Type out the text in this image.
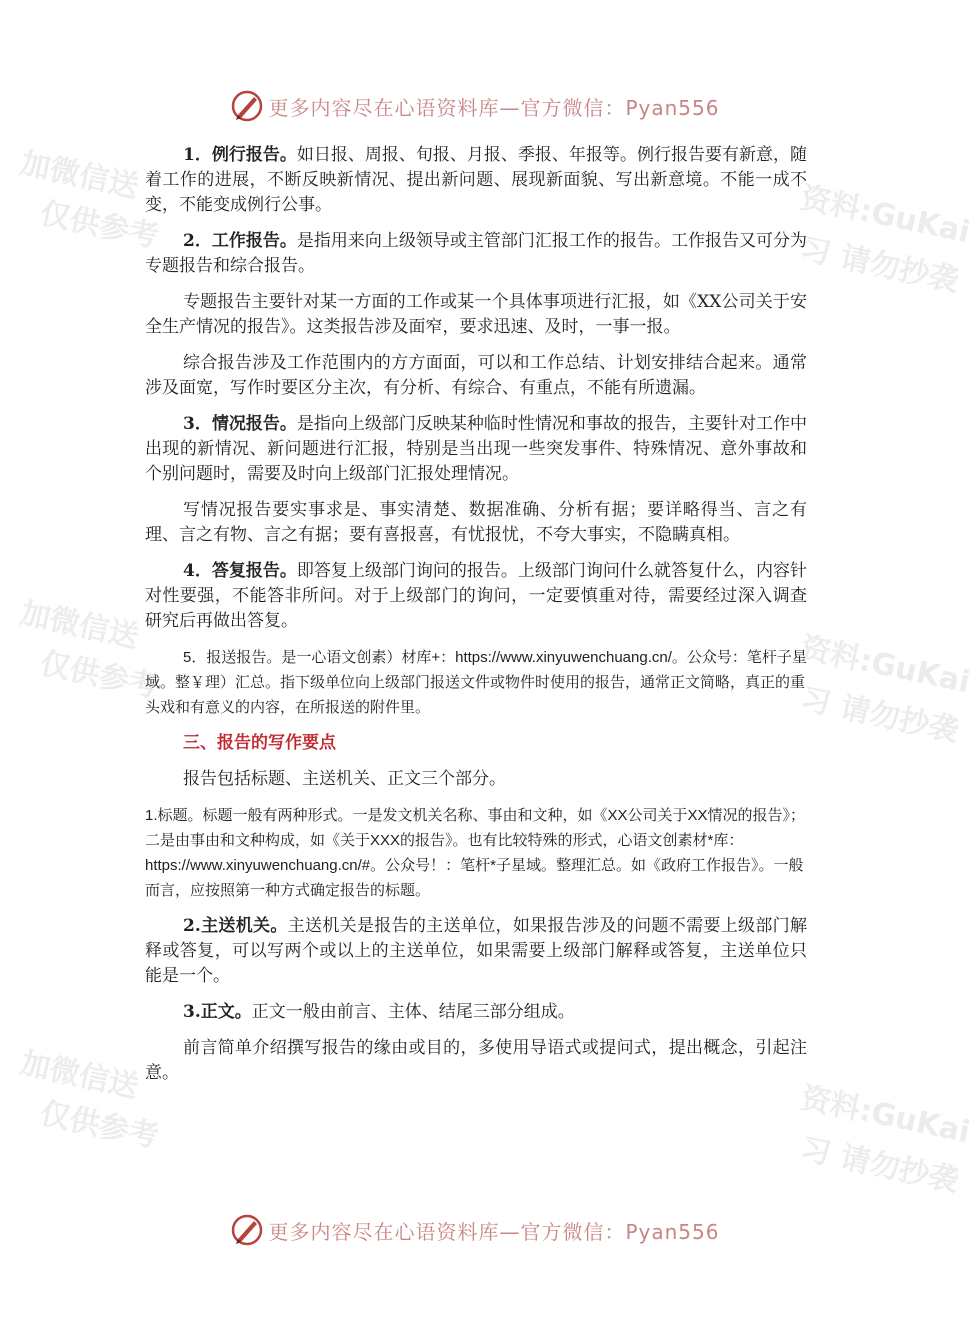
加微信送
仅供参考	资料:GuKai
习 请勿抄袭
加微信送
仅供参考	资料:GuKai
习 请勿抄袭
加微信送
仅供参考	资料:GuKai
习 请勿抄袭
更多内容尽在心语资料库—官方微信：Pyan556

1．例行报告。如日报、周报、旬报、月报、季报、年报等。例行报告要有新意，随着工作的进展，不断反映新情况、提出新问题、展现新面貌、写出新意境。不能一成不变，不能变成例行公事。

2．工作报告。是指用来向上级领导或主管部门汇报工作的报告。工作报告又可分为专题报告和综合报告。

专题报告主要针对某一方面的工作或某一个具体事项进行汇报，如《XX公司关于安全生产情况的报告》。这类报告涉及面窄，要求迅速、及时，一事一报。

综合报告涉及工作范围内的方方面面，可以和工作总结、计划安排结合起来。通常涉及面宽，写作时要区分主次，有分析、有综合、有重点，不能有所遗漏。

3．情况报告。是指向上级部门反映某种临时性情况和事故的报告，主要针对工作中出现的新情况、新问题进行汇报，特别是当出现一些突发事件、特殊情况、意外事故和个别问题时，需要及时向上级部门汇报处理情况。

写情况报告要实事求是、事实清楚、数据准确、分析有据；要详略得当、言之有理、言之有物、言之有据；要有喜报喜，有忧报忧，不夸大事实，不隐瞒真相。

4．答复报告。即答复上级部门询问的报告。上级部门询问什么就答复什么，内容针对性要强，不能答非所问。对于上级部门的询问，一定要慎重对待，需要经过深入调查研究后再做出答复。

5．报送报告。是一心语文创素）材库+：https://www.xinyuwenchuang.cn/。公众号：笔杆子星域。整￥理）汇总。指下级单位向上级部门报送文件或物件时使用的报告，通常正文简略，真正的重头戏和有意义的内容，在所报送的附件里。

三、报告的写作要点

报告包括标题、主送机关、正文三个部分。

1.标题。标题一般有两种形式。一是发文机关名称、事由和文种，如《XX公司关于XX情况的报告》；二是由事由和文种构成，如《关于XXX的报告》。也有比较特殊的形式，心语文创素材*库：https://www.xinyuwenchuang.cn/#。公众号！：笔杆*子星域。整理汇总。如《政府工作报告》。一般而言，应按照第一种方式确定报告的标题。

2.主送机关。主送机关是报告的主送单位，如果报告涉及的问题不需要上级部门解释或答复，可以写两个或以上的主送单位，如果需要上级部门解释或答复，主送单位只能是一个。

3.正文。正文一般由前言、主体、结尾三部分组成。

前言简单介绍撰写报告的缘由或目的，多使用导语式或提问式，提出概念，引起注意。

更多内容尽在心语资料库—官方微信：Pyan556
